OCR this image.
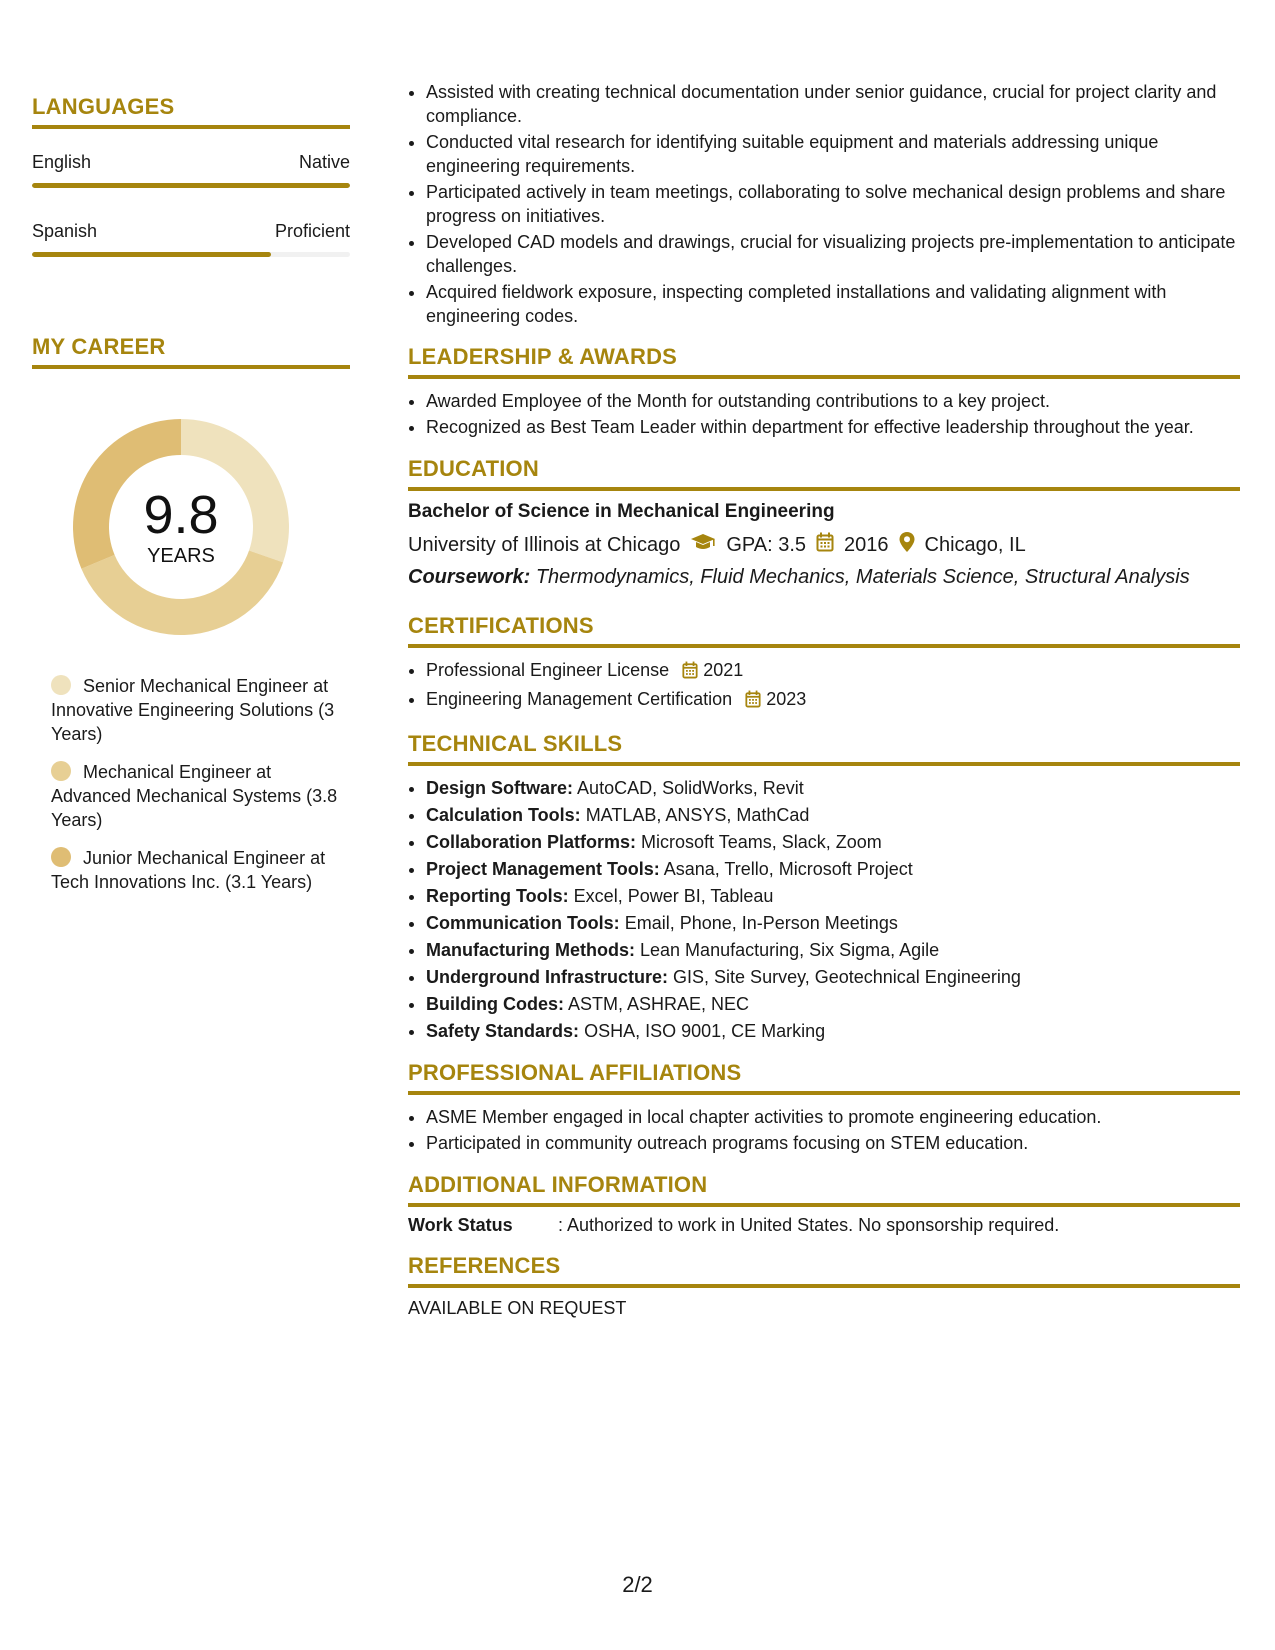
LANGUAGES
English	Native
Spanish	Proficient
MY CAREER
9.8
YEARS
Senior Mechanical Engineer at Innovative Engineering Solutions (3 Years)
Mechanical Engineer at Advanced Mechanical Systems (3.8 Years)
Junior Mechanical Engineer at Tech Innovations Inc. (3.1 Years)
• Assisted with creating technical documentation under senior guidance, crucial for project clarity and compliance.
• Conducted vital research for identifying suitable equipment and materials addressing unique engineering requirements.
• Participated actively in team meetings, collaborating to solve mechanical design problems and share progress on initiatives.
• Developed CAD models and drawings, crucial for visualizing projects pre-implementation to anticipate challenges.
• Acquired fieldwork exposure, inspecting completed installations and validating alignment with engineering codes.
LEADERSHIP & AWARDS
• Awarded Employee of the Month for outstanding contributions to a key project.
• Recognized as Best Team Leader within department for effective leadership throughout the year.
EDUCATION
Bachelor of Science in Mechanical Engineering
University of Illinois at Chicago GPA: 3.5 2016 Chicago, IL
Coursework: Thermodynamics, Fluid Mechanics, Materials Science, Structural Analysis
CERTIFICATIONS
• Professional Engineer License 2021
• Engineering Management Certification 2023
TECHNICAL SKILLS
• Design Software: AutoCAD, SolidWorks, Revit
• Calculation Tools: MATLAB, ANSYS, MathCad
• Collaboration Platforms: Microsoft Teams, Slack, Zoom
• Project Management Tools: Asana, Trello, Microsoft Project
• Reporting Tools: Excel, Power BI, Tableau
• Communication Tools: Email, Phone, In-Person Meetings
• Manufacturing Methods: Lean Manufacturing, Six Sigma, Agile
• Underground Infrastructure: GIS, Site Survey, Geotechnical Engineering
• Building Codes: ASTM, ASHRAE, NEC
• Safety Standards: OSHA, ISO 9001, CE Marking
PROFESSIONAL AFFILIATIONS
• ASME Member engaged in local chapter activities to promote engineering education.
• Participated in community outreach programs focusing on STEM education.
ADDITIONAL INFORMATION
Work Status	: Authorized to work in United States. No sponsorship required.
REFERENCES
AVAILABLE ON REQUEST
2/2
